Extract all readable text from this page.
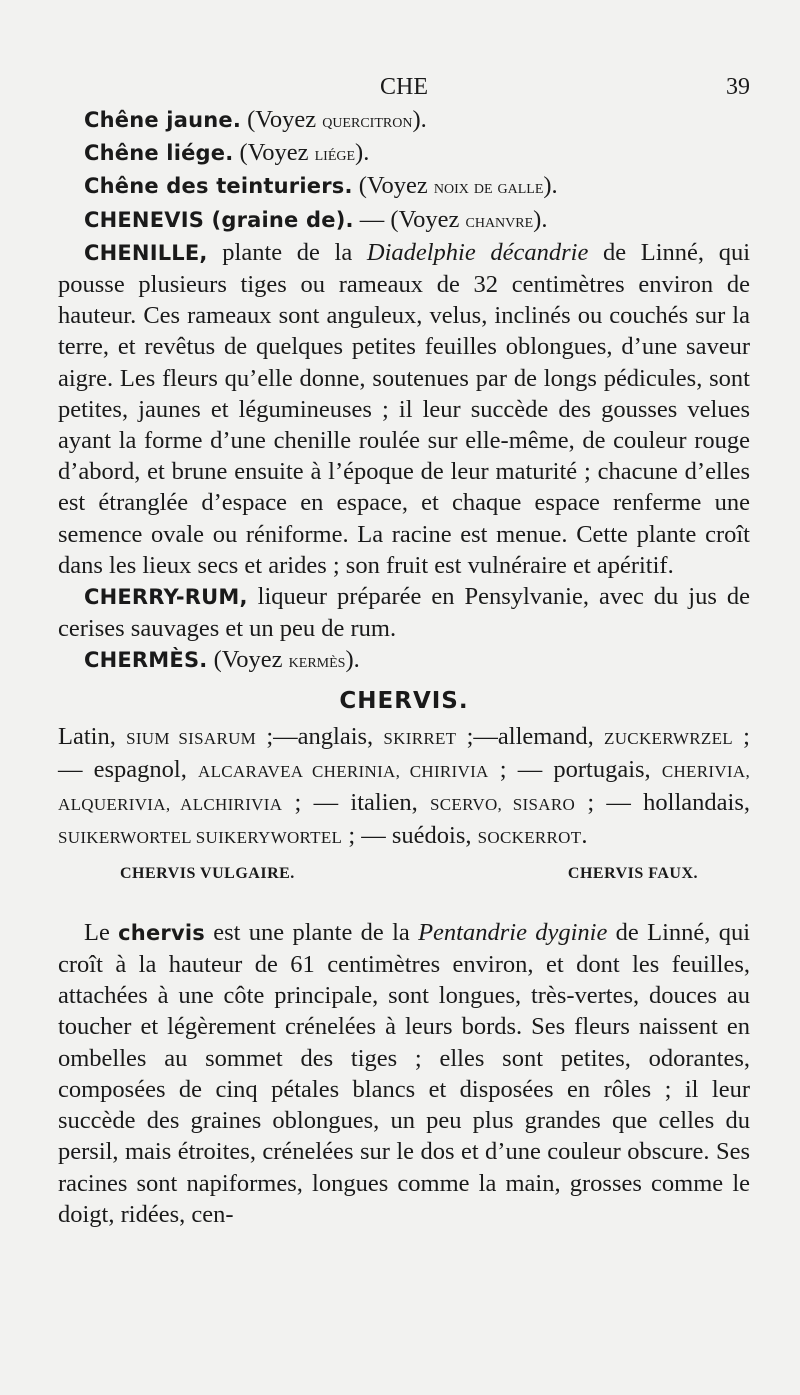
CHE	39

Chêne jaune. (Voyez quercitron).

Chêne liége. (Voyez liége).

Chêne des teinturiers. (Voyez noix de galle).

CHENEVIS (graine de). — (Voyez chanvre).

CHENILLE, plante de la Diadelphie décandrie de Linné, qui pousse plusieurs tiges ou rameaux de 32 centimètres environ de hauteur. Ces rameaux sont anguleux, velus, inclinés ou couchés sur la terre, et revêtus de quelques petites feuilles oblongues, d’une saveur aigre. Les fleurs qu’elle donne, soutenues par de longs pédicules, sont petites, jaunes et légumineuses ; il leur succède des gousses velues ayant la forme d’une chenille roulée sur elle-même, de couleur rouge d’abord, et brune ensuite à l’époque de leur maturité ; chacune d’elles est étranglée d’espace en espace, et chaque espace renferme une semence ovale ou réniforme. La racine est menue. Cette plante croît dans les lieux secs et arides ; son fruit est vulnéraire et apéritif.

CHERRY-RUM, liqueur préparée en Pensylvanie, avec du jus de cerises sauvages et un peu de rum.

CHERMÈS. (Voyez kermès).

CHERVIS.

Latin, SIUM SISARUM ;—anglais, SKIRRET ;—allemand, ZUCKERWRZEL ; — espagnol, ALCARAVEA CHERINIA, CHIRIVIA ; — portugais, CHERIVIA, ALQUERIVIA, ALCHIRIVIA ; — italien, SCERVO, SISARO ; — hollandais, SUIKERWORTEL SUIKERYWORTEL ; — suédois, SOCKERROT.

CHERVIS VULGAIRE.	CHERVIS FAUX.

Le chervis est une plante de la Pentandrie dyginie de Linné, qui croît à la hauteur de 61 centimètres environ, et dont les feuilles, attachées à une côte principale, sont longues, très-vertes, douces au toucher et légèrement crénelées à leurs bords. Ses fleurs naissent en ombelles au sommet des tiges ; elles sont petites, odorantes, composées de cinq pétales blancs et disposées en rôles ; il leur succède des graines oblongues, un peu plus grandes que celles du persil, mais étroites, crénelées sur le dos et d’une couleur obscure. Ses racines sont napiformes, longues comme la main, grosses comme le doigt, ridées, cen-
